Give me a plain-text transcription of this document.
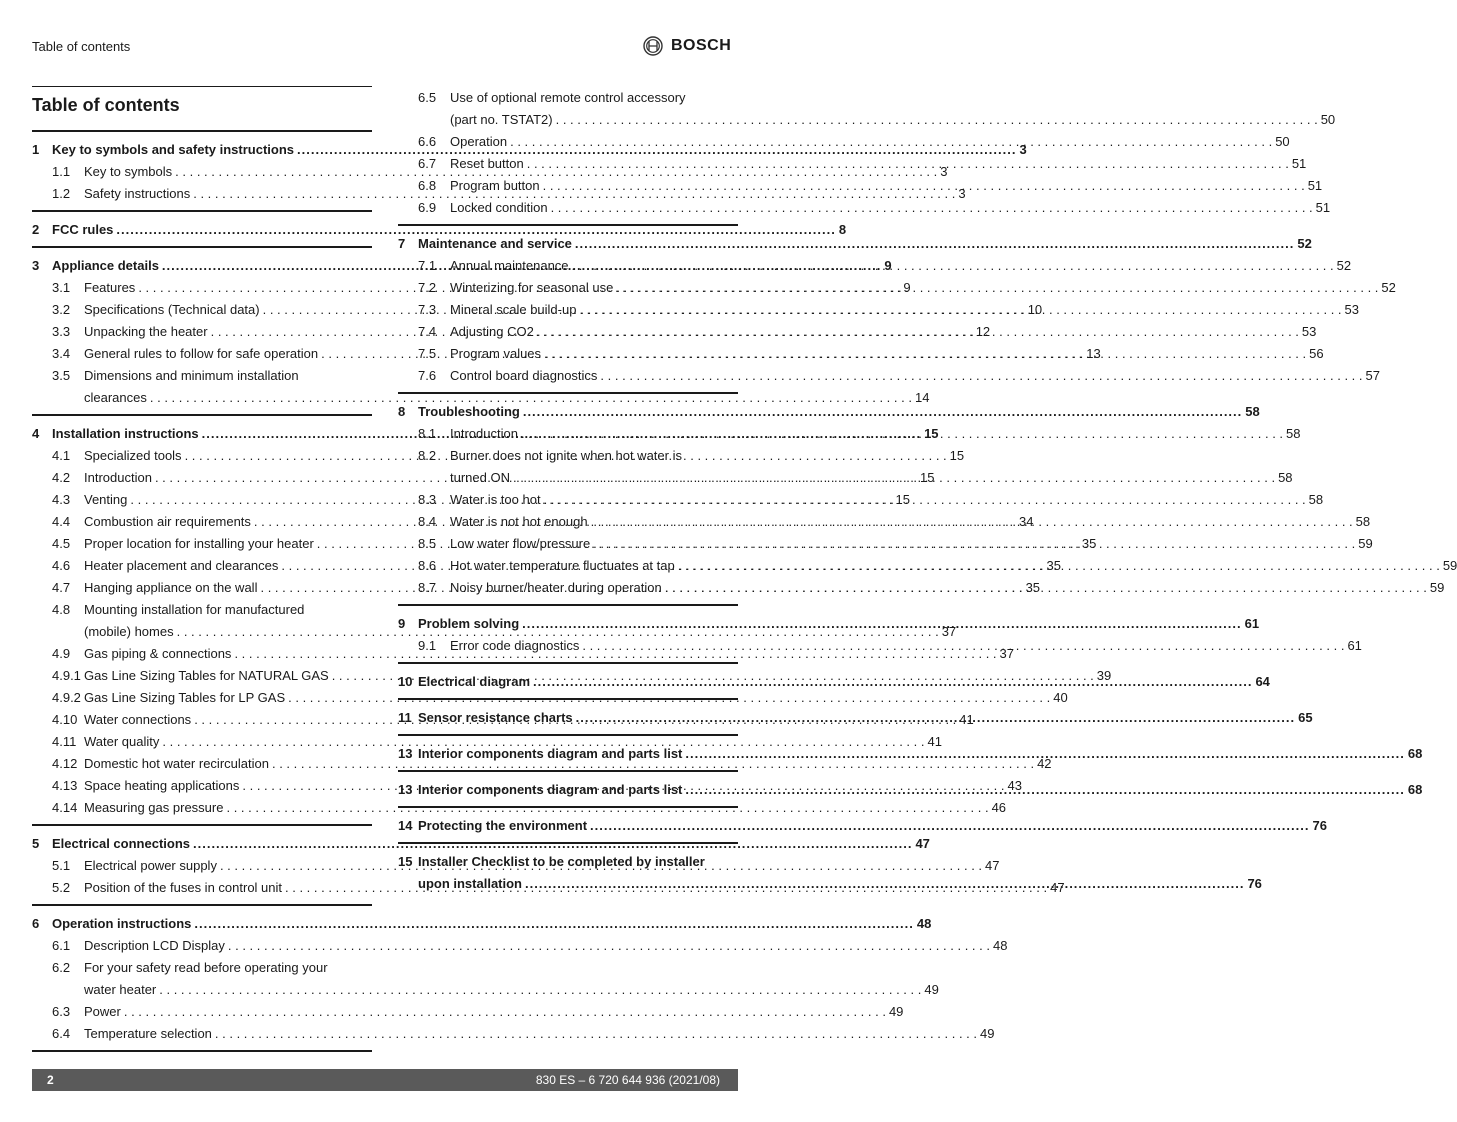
Table of contents	BOSCH
Table of contents
1 Key to symbols and safety instructions .....	3
1.1	Key to symbols . . .	3
1.2	Safety instructions . . .	3
2 FCC rules .....	8
3 Appliance details .....	9
3.1	Features . . .	9
3.2	Specifications (Technical data) . . .	10
3.3	Unpacking the heater . . .	12
3.4	General rules to follow for safe operation . . .	13
3.5	Dimensions and minimum installation
clearances . . .	14
4 Installation instructions .....	15
4.1	Specialized tools . . .	15
4.2	Introduction . . .	15
4.3	Venting . . .	15
4.4	Combustion air requirements . . .	34
4.5	Proper location for installing your heater . . .	35
4.6	Heater placement and clearances . . .	35
4.7	Hanging appliance on the wall . . .	35
4.8	Mounting installation for manufactured
(mobile) homes . . .	37
4.9	Gas piping & connections . . .	37
4.9.1 Gas Line Sizing Tables for NATURAL GAS . . .	39
4.9.2 Gas Line Sizing Tables for LP GAS . . .	40
4.10 Water connections . . .	41
4.11 Water quality . . .	41
4.12 Domestic hot water recirculation . . .	42
4.13 Space heating applications . . .	43
4.14 Measuring gas pressure . . .	46
5 Electrical connections .....	47
5.1	Electrical power supply . . .	47
5.2	Position of the fuses in control unit . . .	47
6 Operation instructions .....	48
6.1	Description LCD Display . . .	48
6.2	For your safety read before operating your
water heater . . .	49
6.3	Power . . .	49
6.4	Temperature selection . . .	49
6.5	Use of optional remote control accessory
(part no. TSTAT2) . . .	50
6.6	Operation . . .	50
6.7	Reset button . . .	51
6.8	Program button . . .	51
6.9	Locked condition . . .	51
7 Maintenance and service .....	52
7.1	Annual maintenance . . .	52
7.2	Winterizing for seasonal use . . .	52
7.3	Mineral scale build-up . . .	53
7.4	Adjusting CO2 . . .	53
7.5	Program values . . .	56
7.6	Control board diagnostics . . .	57
8 Troubleshooting .....	58
8.1	Introduction . . .	58
8.2	Burner does not ignite when hot water is
turned ON . . .	58
8.3	Water is too hot . . .	58
8.4	Water is not hot enough . . .	58
8.5	Low water flow/pressure . . .	59
8.6	Hot water temperature fluctuates at tap . . .	59
8.7	Noisy burner/heater during operation . . .	59
9 Problem solving .....	61
9.1	Error code diagnostics . . .	61
10 Electrical diagram .....	64
11 Sensor resistance charts .....	65
13 Interior components diagram and parts list .....	68
13 Interior components diagram and parts list .....	68
14 Protecting the environment .....	76
15 Installer Checklist to be completed by installer
upon installation .....	76
2	830 ES – 6 720 644 936 (2021/08)
